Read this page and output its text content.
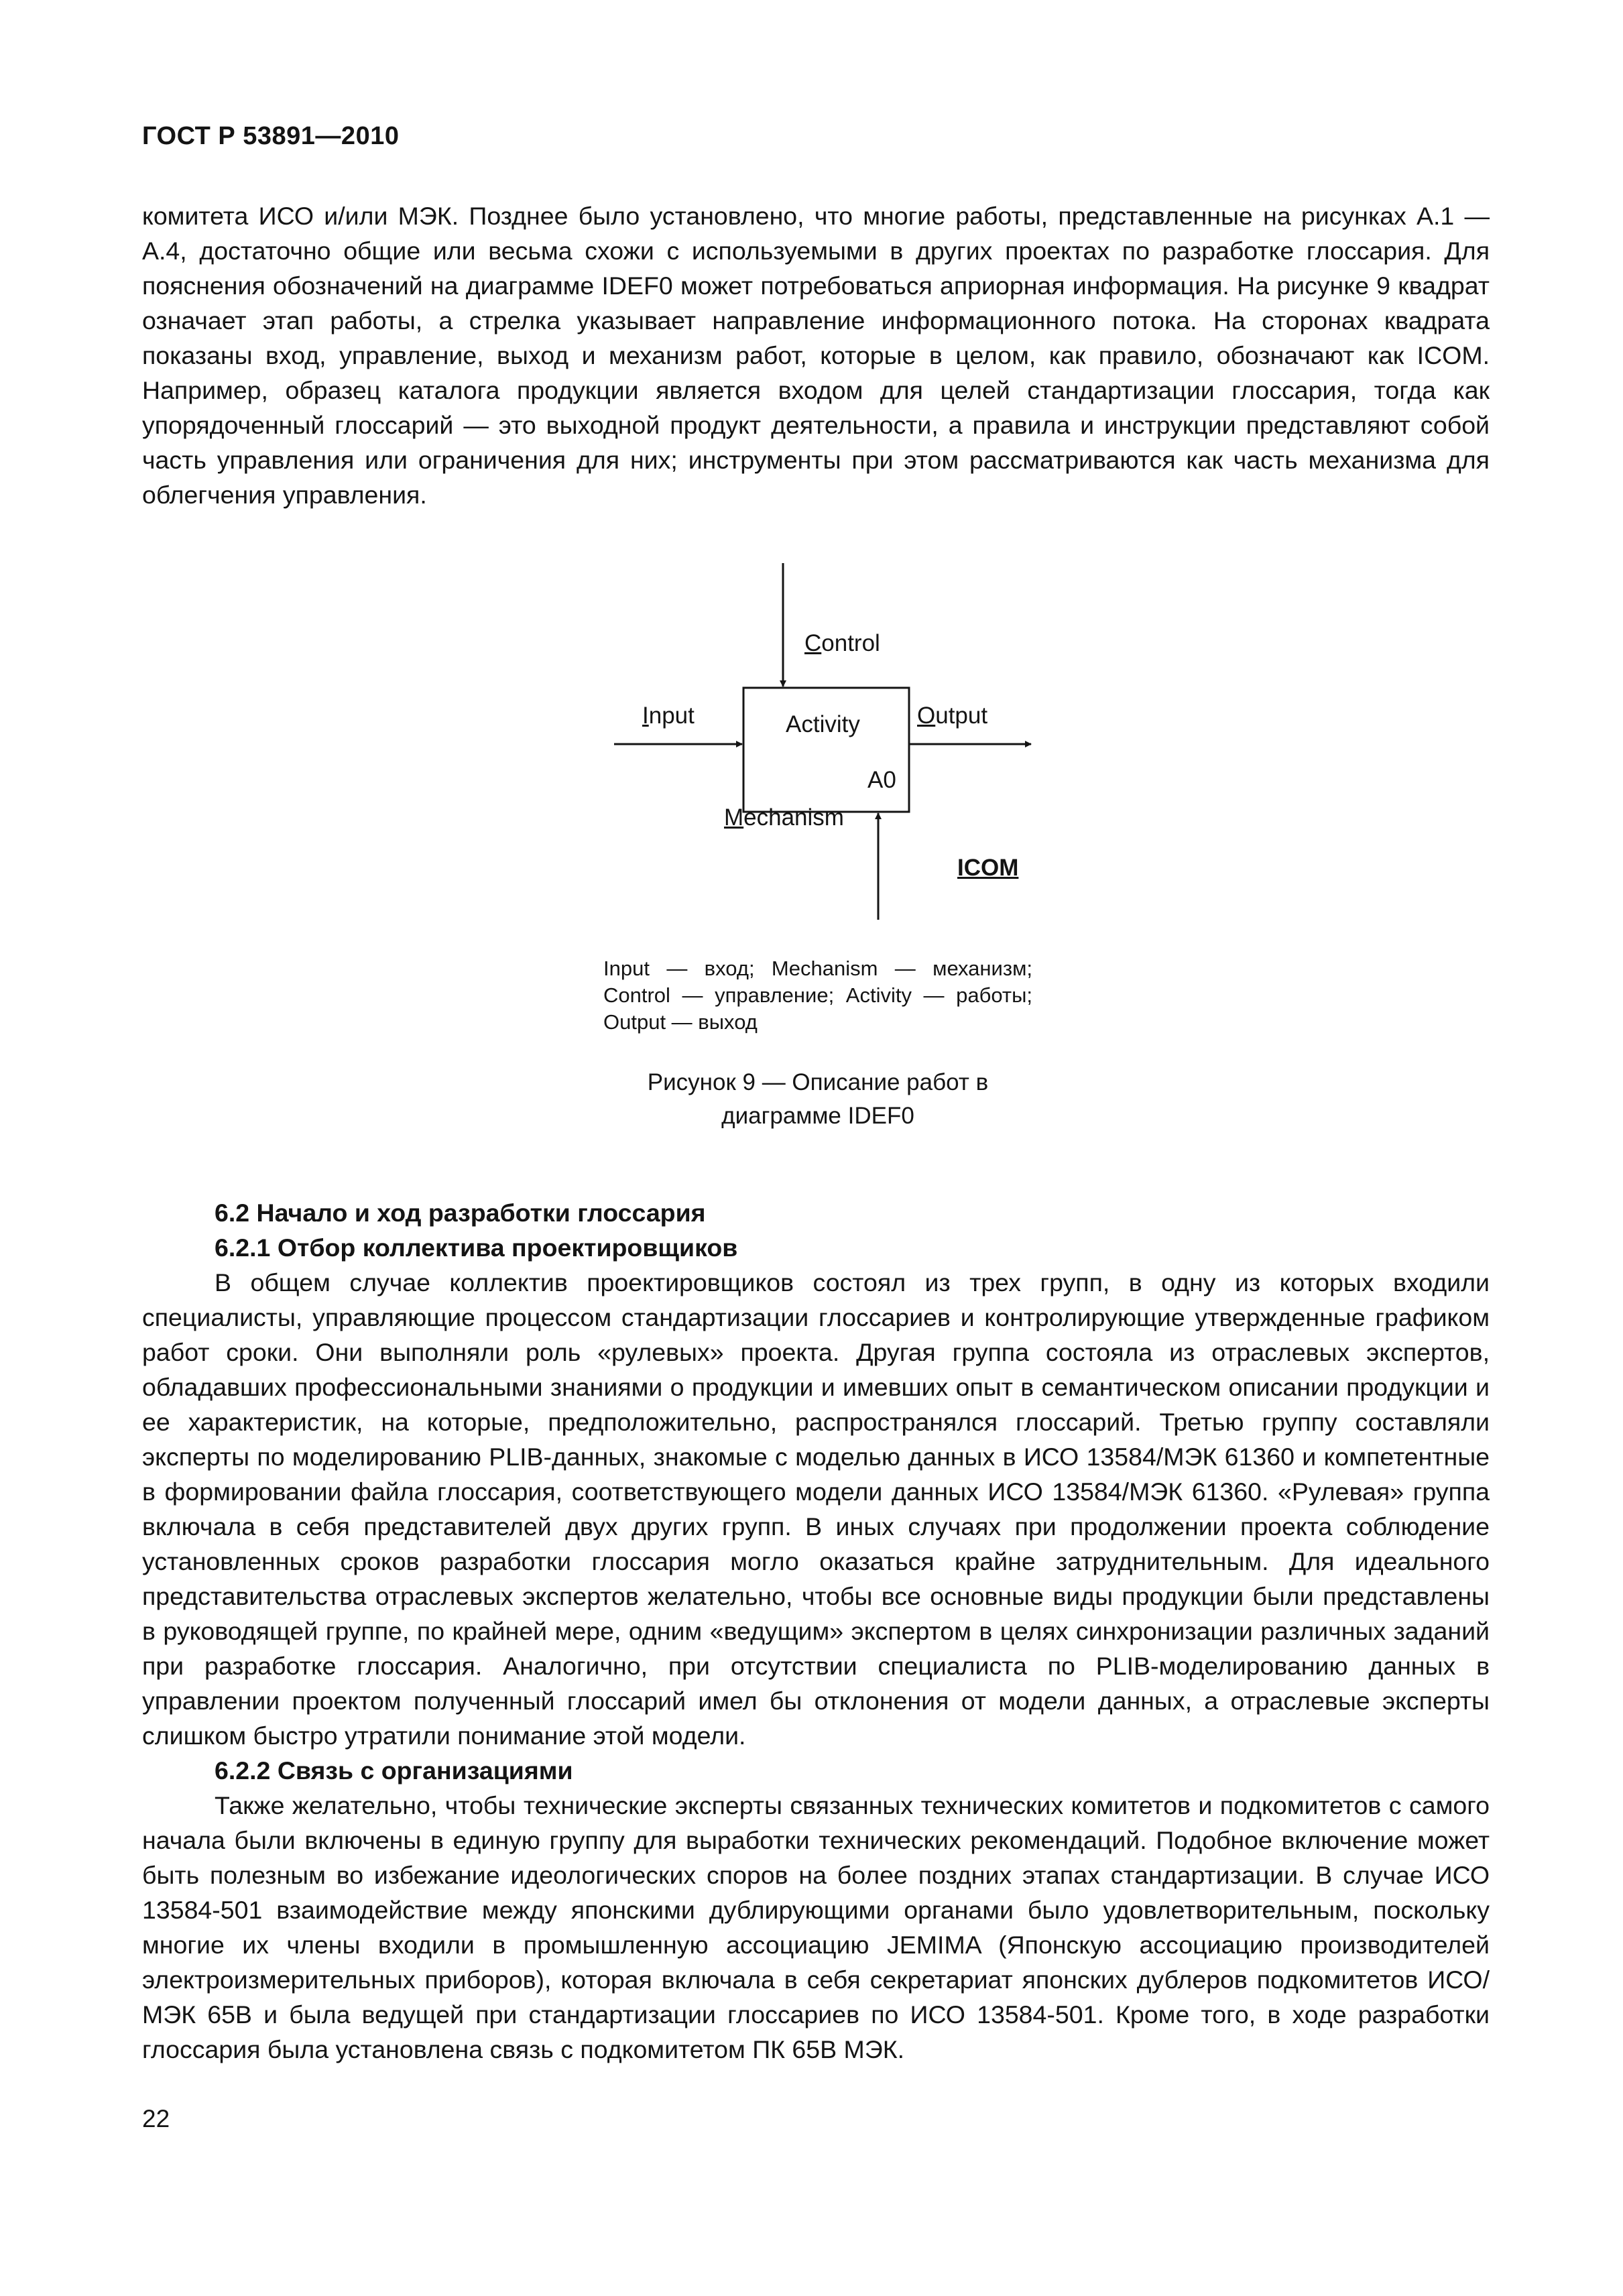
ГОСТ Р 53891—2010

комитета ИСО и/или МЭК. Позднее было установлено, что многие работы, представленные на рисунках А.1 — А.4, достаточно общие или весьма схожи с используемыми в других проектах по разработке глоссария. Для пояснения обозначений на диаграмме IDEF0 может потребоваться априорная информация. На рисунке 9 квадрат означает этап работы, а стрелка указывает направление информационного потока. На сторонах квадрата показаны вход, управление, выход и механизм работ, которые в целом, как правило, обозначают как ICOM. Например, образец каталога продукции является входом для целей стандартизации глоссария, тогда как упорядоченный глоссарий — это выходной продукт деятельности, а правила и инструкции представляют собой часть управления или ограничения для них; инструменты при этом рассматриваются как часть механизма для облегчения управления.

Control
Input	Output
Activity
A0
Mechanism
ICOM
Input — вход; Mechanism — механизм; Control — управление; Activity — работы; Output — выход
Рисунок 9 — Описание работ в диаграмме IDEF0

6.2 Начало и ход разработки глоссария

6.2.1 Отбор коллектива проектировщиков

В общем случае коллектив проектировщиков состоял из трех групп, в одну из которых входили специалисты, управляющие процессом стандартизации глоссариев и контролирующие утвержденные графиком работ сроки. Они выполняли роль «рулевых» проекта. Другая группа состояла из отраслевых экспертов, обладавших профессиональными знаниями о продукции и имевших опыт в семантическом описании продукции и ее характеристик, на которые, предположительно, распространялся глоссарий. Третью группу составляли эксперты по моделированию PLIB-данных, знакомые с моделью данных в ИСО 13584/МЭК 61360 и компетентные в формировании файла глоссария, соответствующего модели данных ИСО 13584/МЭК 61360. «Рулевая» группа включала в себя представителей двух других групп. В иных случаях при продолжении проекта соблюдение установленных сроков разработки глоссария могло оказаться крайне затруднительным. Для идеального представительства отраслевых экспертов желательно, чтобы все основные виды продукции были представлены в руководящей группе, по крайней мере, одним «ведущим» экспертом в целях синхронизации различных заданий при разработке глоссария. Аналогично, при отсутствии специалиста по PLIB-моделированию данных в управлении проектом полученный глоссарий имел бы отклонения от модели данных, а отраслевые эксперты слишком быстро утратили понимание этой модели.

6.2.2 Связь с организациями

Также желательно, чтобы технические эксперты связанных технических комитетов и подкомитетов с самого начала были включены в единую группу для выработки технических рекомендаций. Подобное включение может быть полезным во избежание идеологических споров на более поздних этапах стандартизации. В случае ИСО 13584-501 взаимодействие между японскими дублирующими органами было удовлетворительным, поскольку многие их члены входили в промышленную ассоциацию JEMIMA (Японскую ассоциацию производителей электроизмерительных приборов), которая включала в себя секретариат японских дублеров подкомитетов ИСО/МЭК 65В и была ведущей при стандартизации глоссариев по ИСО 13584-501. Кроме того, в ходе разработки глоссария была установлена связь с подкомитетом ПК 65В МЭК.

22
